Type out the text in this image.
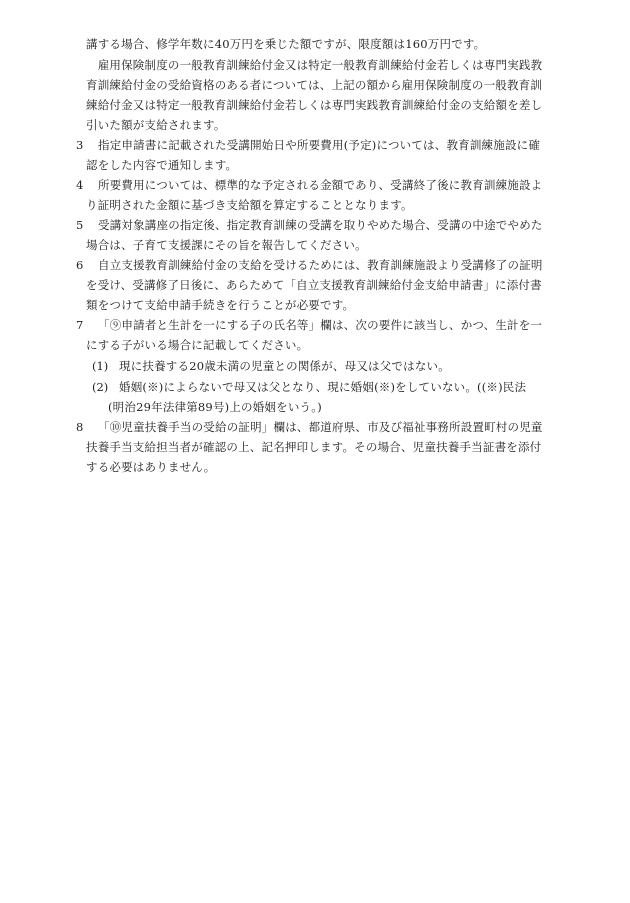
講する場合、修学年数に40万円を乗じた額ですが、限度額は160万円です。
　雇用保険制度の一般教育訓練給付金又は特定一般教育訓練給付金若しくは専門実践教
育訓練給付金の受給資格のある者については、上記の額から雇用保険制度の一般教育訓
練給付金又は特定一般教育訓練給付金若しくは専門実践教育訓練給付金の支給額を差し
引いた額が支給されます。
3 指定申請書に記載された受講開始日や所要費用(予定)については、教育訓練施設に確
認をした内容で通知します。
4 所要費用については、標準的な予定される金額であり、受講終了後に教育訓練施設よ
り証明された金額に基づき支給額を算定することとなります。
5 受講対象講座の指定後、指定教育訓練の受講を取りやめた場合、受講の中途でやめた
場合は、子育て支援課にその旨を報告してください。
6 自立支援教育訓練給付金の支給を受けるためには、教育訓練施設より受講修了の証明
を受け、受講修了日後に、あらためて「自立支援教育訓練給付金支給申請書」に添付書
類をつけて支給申請手続きを行うことが必要です。
7 「⑨申請者と生計を一にする子の氏名等」欄は、次の要件に該当し、かつ、生計を一
にする子がいる場合に記載してください。
(1) 現に扶養する20歳未満の児童との関係が、母又は父ではない。
(2) 婚姻(※)によらないで母又は父となり、現に婚姻(※)をしていない。((※)民法
(明治29年法律第89号)上の婚姻をいう。)
8 「⑩児童扶養手当の受給の証明」欄は、都道府県、市及び福祉事務所設置町村の児童
扶養手当支給担当者が確認の上、記名押印します。その場合、児童扶養手当証書を添付
する必要はありません。
